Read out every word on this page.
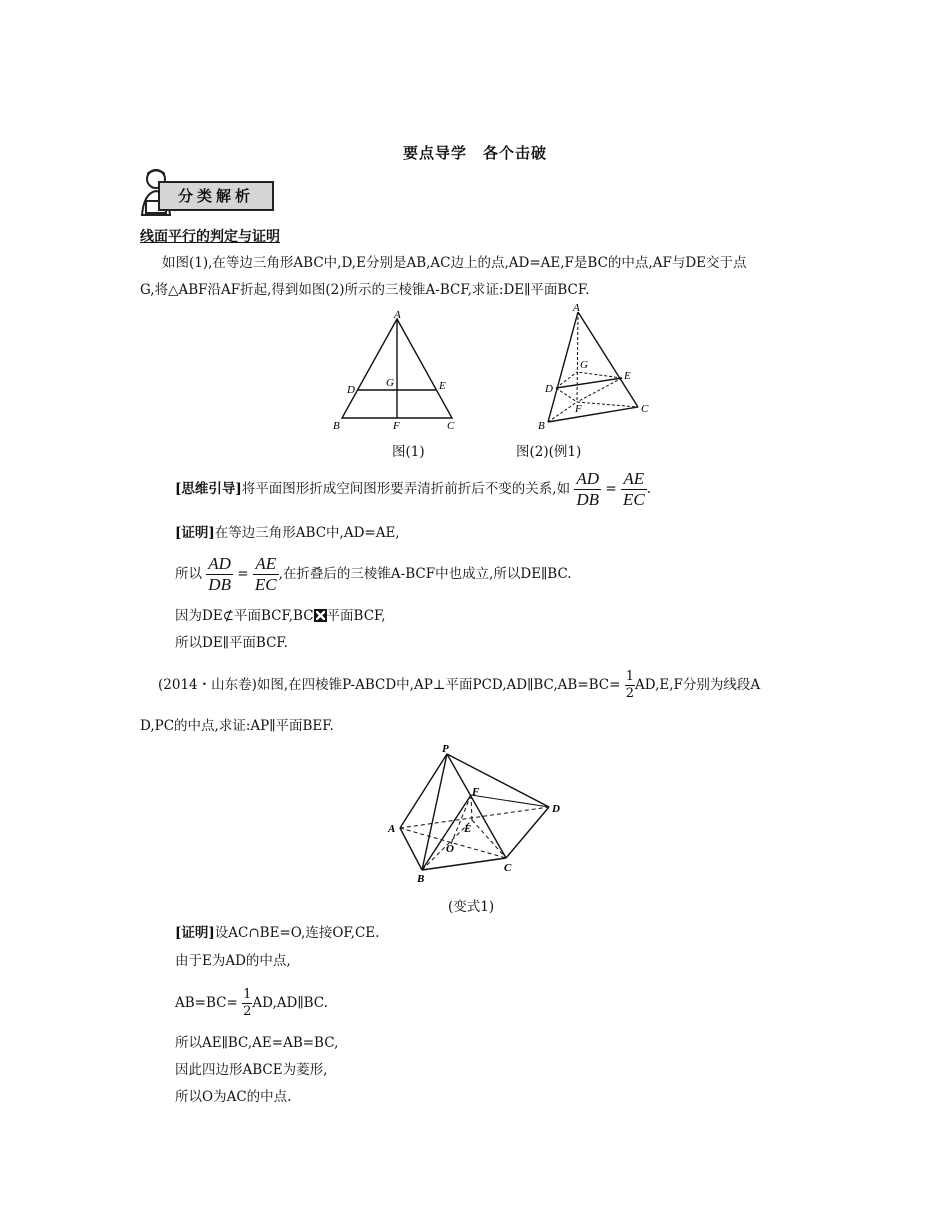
要点导学　各个击破
分类解析
线面平行的判定与证明
如图(1),在等边三角形ABC中,D,E分别是AB,AC边上的点,AD=AE,F是BC的中点,AF与DE交于点
G,将△ABF沿AF折起,得到如图(2)所示的三棱锥A-BCF,求证:DE∥平面BCF.
A
B	C
D	E
F
G
A
B
C
D
E
F
G
图(1)	图(2)(例1)
[思维引导]将平面图形折成空间图形要弄清折前折后不变的关系,如 $\frac{AD}{DB} = \frac{AE}{EC}$ .
[证明]在等边三角形ABC中,AD=AE,
所以 $\frac{AD}{DB} = \frac{AE}{EC}$ ,在折叠后的三棱锥A-BCF中也成立,所以DE∥BC.
因为DE⊄平面BCF,BC 平面BCF,
所以DE∥平面BCF.
(2014・山东卷)如图,在四棱锥P-ABCD中,AP⊥平面PCD,AD∥BC,AB=BC= $\frac{1}{2} AD,E,F$分别为线段A
D,PC的中点,求证:AP∥平面BEF.
P
A
B
C
D
E
F
O
(变式1)
[证明]设AC∩BE=O,连接OF,CE.
由于E为AD的中点,
$AB=BC= \frac{1}{2}$ AD,AD∥BC.
所以AE∥BC,AE=AB=BC,
因此四边形ABCE为菱形,
所以O为AC的中点.
